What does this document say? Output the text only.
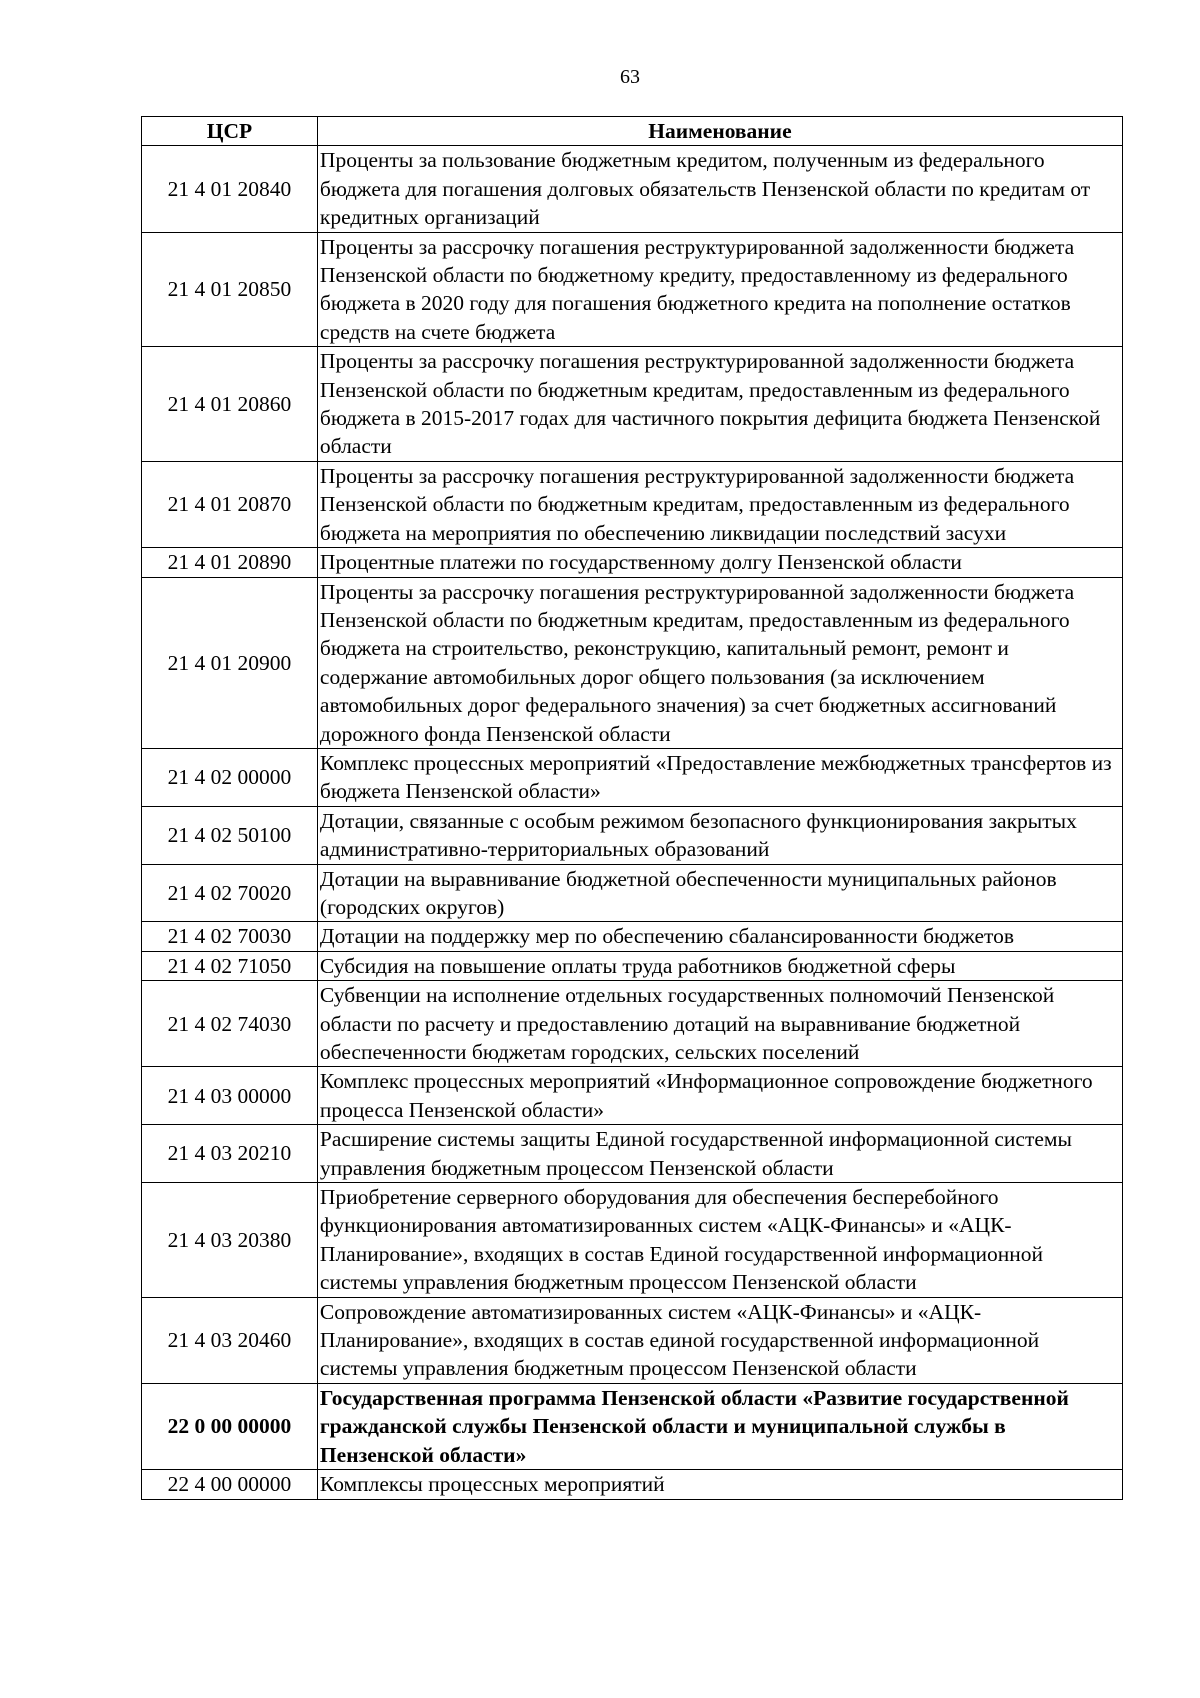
63
ЦСР	Наименование
21 4 01 20840	Проценты за пользование бюджетным кредитом, полученным из федерального бюджета для погашения долговых обязательств Пензенской области по кредитам от кредитных организаций
21 4 01 20850	Проценты за рассрочку погашения реструктурированной задолженности бюджета Пензенской области по бюджетному кредиту, предоставленному из федерального бюджета в 2020 году для погашения бюджетного кредита на пополнение остатков средств на счете бюджета
21 4 01 20860	Проценты за рассрочку погашения реструктурированной задолженности бюджета Пензенской области по бюджетным кредитам, предоставленным из федерального бюджета в 2015-2017 годах для частичного покрытия дефицита бюджета Пензенской области
21 4 01 20870	Проценты за рассрочку погашения реструктурированной задолженности бюджета Пензенской области по бюджетным кредитам, предоставленным из федерального бюджета на мероприятия по обеспечению ликвидации последствий засухи
21 4 01 20890	Процентные платежи по государственному долгу Пензенской области
21 4 01 20900	Проценты за рассрочку погашения реструктурированной задолженности бюджета Пензенской области по бюджетным кредитам, предоставленным из федерального бюджета на строительство, реконструкцию, капитальный ремонт, ремонт и содержание автомобильных дорог общего пользования (за исключением автомобильных дорог федерального значения) за счет бюджетных ассигнований дорожного фонда Пензенской области
21 4 02 00000	Комплекс процессных мероприятий «Предоставление межбюджетных трансфертов из бюджета Пензенской области»
21 4 02 50100	Дотации, связанные с особым режимом безопасного функционирования закрытых административно-территориальных образований
21 4 02 70020	Дотации на выравнивание бюджетной обеспеченности муниципальных районов (городских округов)
21 4 02 70030	Дотации на поддержку мер по обеспечению сбалансированности бюджетов
21 4 02 71050	Субсидия на повышение оплаты труда работников бюджетной сферы
21 4 02 74030	Субвенции на исполнение отдельных государственных полномочий Пензенской области по расчету и предоставлению дотаций на выравнивание бюджетной обеспеченности бюджетам городских, сельских поселений
21 4 03 00000	Комплекс процессных мероприятий «Информационное сопровождение бюджетного процесса Пензенской области»
21 4 03 20210	Расширение системы защиты Единой государственной информационной системы управления бюджетным процессом Пензенской области
21 4 03 20380	Приобретение серверного оборудования для обеспечения бесперебойного функционирования автоматизированных систем «АЦК-Финансы» и «АЦК-Планирование», входящих в состав Единой государственной информационной системы управления бюджетным процессом Пензенской области
21 4 03 20460	Сопровождение автоматизированных систем «АЦК-Финансы» и «АЦК-Планирование», входящих в состав единой государственной информационной системы управления бюджетным процессом Пензенской области
22 0 00 00000	Государственная программа Пензенской области «Развитие государственной гражданской службы Пензенской области и муниципальной службы в Пензенской области»
22 4 00 00000	Комплексы процессных мероприятий
